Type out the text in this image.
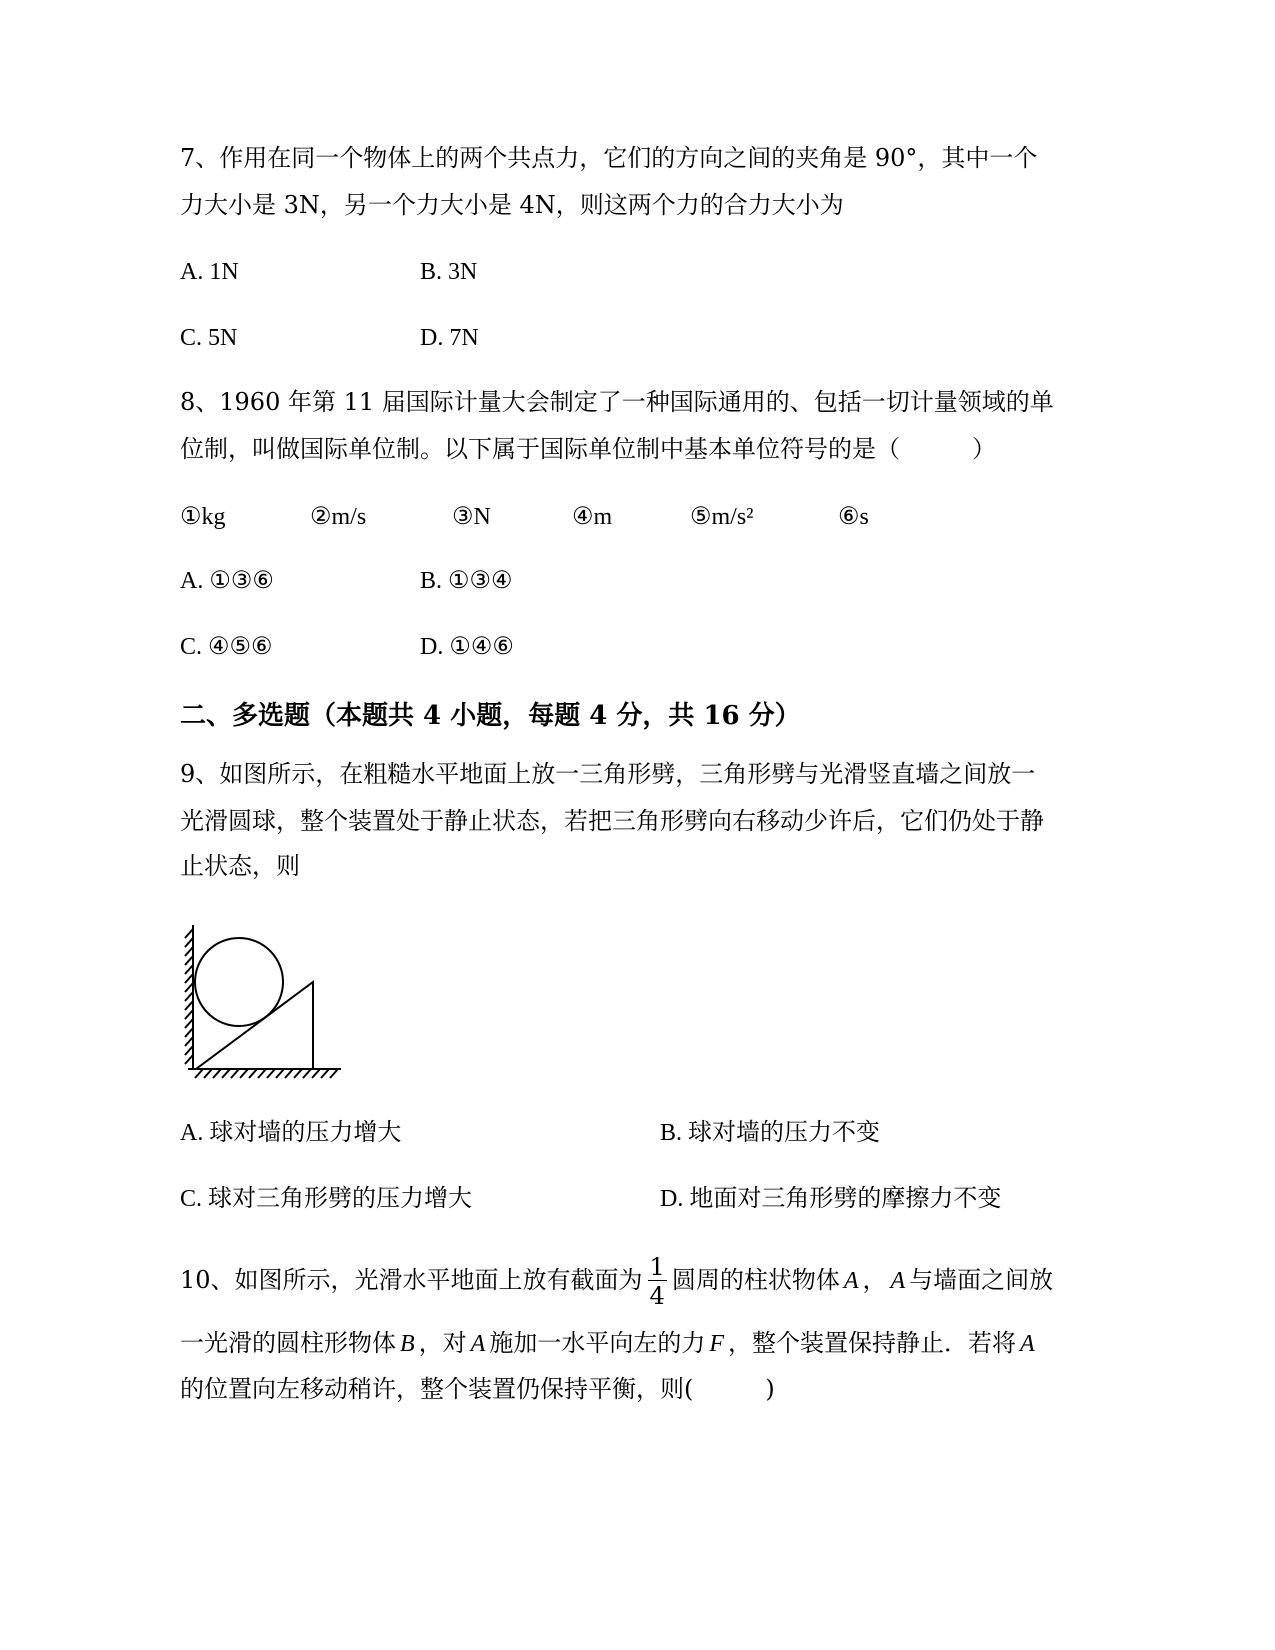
7、作用在同一个物体上的两个共点力，它们的方向之间的夹角是 90°，其中一个
力大小是 3N，另一个力大小是 4N，则这两个力的合力大小为
A. 1N	B. 3N
C. 5N	D. 7N
8、1960 年第 11 届国际计量大会制定了一种国际通用的、包括一切计量领域的单
位制，叫做国际单位制。以下属于国际单位制中基本单位符号的是（　　　）
①kg	②m/s	③N	④m	⑤m/s²	⑥s
A. ①③⑥	B. ①③④
C. ④⑤⑥	D. ①④⑥
二、多选题（本题共 4 小题，每题 4 分，共 16 分）
9、如图所示，在粗糙水平地面上放一三角形劈，三角形劈与光滑竖直墙之间放一
光滑圆球，整个装置处于静止状态，若把三角形劈向右移动少许后，它们仍处于静
止状态，则
A. 球对墙的压力增大	B. 球对墙的压力不变
C. 球对三角形劈的压力增大	D. 地面对三角形劈的摩擦力不变
10、如图所示，光滑水平地面上放有截面为 $\frac{1}{4}$ 圆周的柱状物体 A ， A 与墙面之间放
一光滑的圆柱形物体 B ，对 A 施加一水平向左的力 F ，整个装置保持静止．若将 A
的位置向左移动稍许，整个装置仍保持平衡，则(　　　)
